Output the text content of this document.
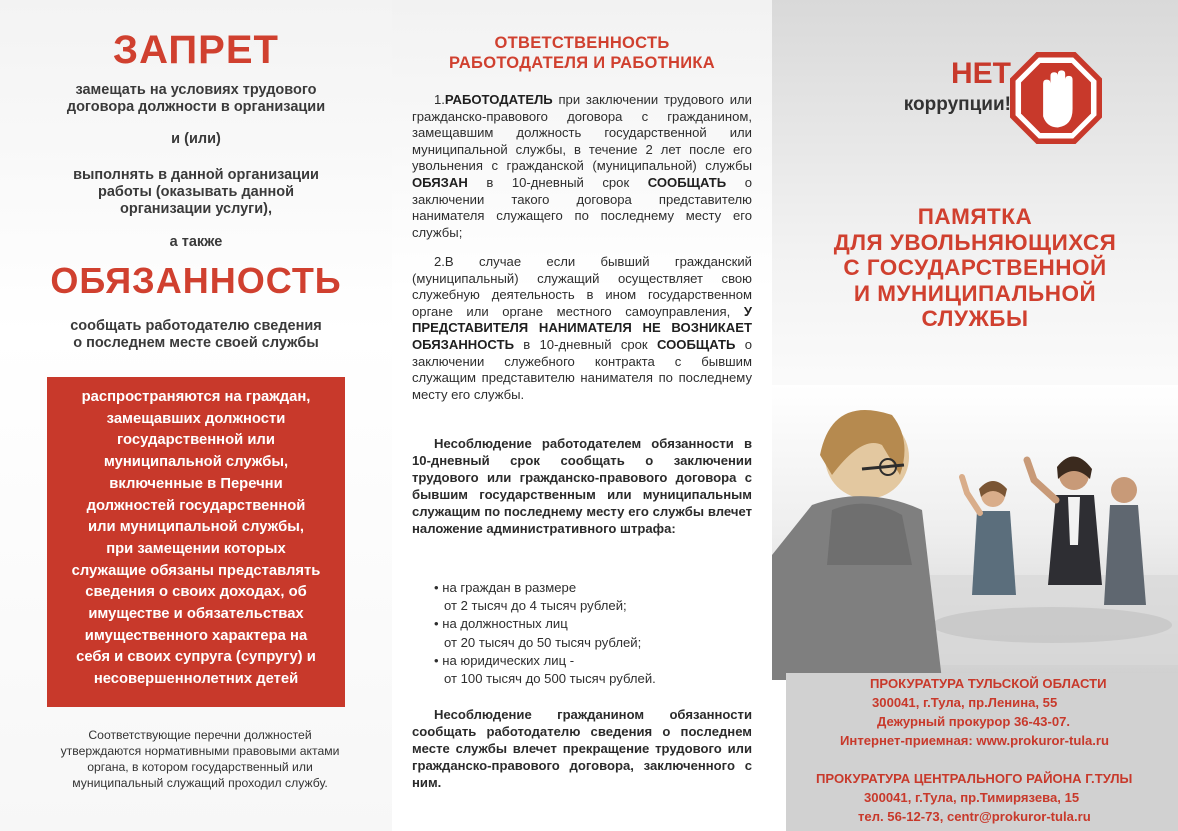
ЗАПРЕТ
замещать на условиях трудового
договора должности в организации
и (или)
выполнять в данной организации
работы (оказывать данной
организации услуги),
а также
ОБЯЗАННОСТЬ
сообщать работодателю сведения
о последнем месте своей службы
распространяются на граждан,
замещавших должности
государственной или
муниципальной службы,
включенные в Перечни
должностей государственной
или муниципальной службы,
при замещении которых
служащие обязаны представлять
сведения о своих доходах, об
имуществе и обязательствах
имущественного характера на
себя и своих супруга (супругу) и
несовершеннолетних детей
Соответствующие перечни должностей
утверждаются нормативными правовыми актами
органа, в котором государственный или
муниципальный служащий проходил службу.
ОТВЕТСТВЕННОСТЬ
РАБОТОДАТЕЛЯ И РАБОТНИКА
1.РАБОТОДАТЕЛЬ при заключении трудового или гражданско-правового договора с гражданином, замещавшим должность государственной или муниципальной службы, в течение 2 лет после его увольнения с гражданской (муниципальной) службы ОБЯЗАН в 10-дневный срок СООБЩАТЬ о заключении такого договора представителю нанимателя служащего по последнему месту его службы;
2.В случае если бывший гражданский (муниципальный) служащий осуществляет свою служебную деятельность в ином государственном органе или органе местного самоуправления, У ПРЕДСТАВИТЕЛЯ НАНИМАТЕЛЯ НЕ ВОЗНИКАЕТ ОБЯЗАННОСТЬ в 10-дневный срок СООБЩАТЬ о заключении служебного контракта с бывшим служащим представителю нанимателя по последнему месту его службы.
Несоблюдение работодателем обязанности в 10-дневный срок сообщать о заключении трудового или гражданско-правового договора с бывшим государственным или муниципальным служащим по последнему месту его службы влечет наложение административного штрафа:
• на граждан в размере
от 2 тысяч до 4 тысяч рублей;
• на должностных лиц
от 20 тысяч до 50 тысяч рублей;
• на юридических лиц -
от 100 тысяч до 500 тысяч рублей.
Несоблюдение гражданином обязанности сообщать работодателю сведения о последнем месте службы влечет прекращение трудового или гражданско-правового договора, заключенного с ним.
НЕТ
коррупции!
ПАМЯТКА
ДЛЯ УВОЛЬНЯЮЩИХСЯ
С ГОСУДАРСТВЕННОЙ
И МУНИЦИПАЛЬНОЙ
СЛУЖБЫ
ПРОКУРАТУРА ТУЛЬСКОЙ ОБЛАСТИ
300041, г.Тула, пр.Ленина, 55
Дежурный прокурор 36-43-07.
Интернет-приемная: www.prokuror-tula.ru
ПРОКУРАТУРА ЦЕНТРАЛЬНОГО РАЙОНА Г.ТУЛЫ
300041, г.Тула, пр.Тимирязева, 15
тел. 56-12-73, centr@prokuror-tula.ru
